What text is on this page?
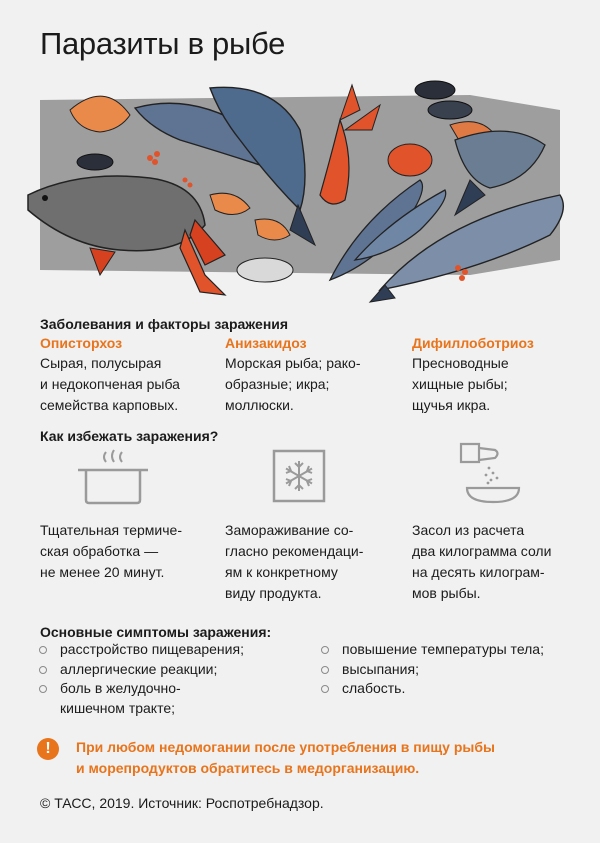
Паразиты в рыбе
Заболевания и факторы заражения
Описторхоз
Сырая, полусырая
и недокопченая рыба
семейства карповых.
Анизакидоз
Морская рыба; рако-
образные; икра;
моллюски.
Дифиллоботриоз
Пресноводные
хищные рыбы;
щучья икра.
Как избежать заражения?
Тщательная термиче-
ская обработка —
не менее 20 минут.
Замораживание со-
гласно рекомендаци-
ям к конкретному
виду продукта.
Засол из расчета
два килограмма соли
на десять килограм-
мов рыбы.
Основные симптомы заражения:
расстройство пищеварения;
аллергические реакции;
боль в желудочно-
кишечном тракте;
повышение температуры тела;
высыпания;
слабость.
!	При любом недомогании после употребления в пищу рыбы
и морепродуктов обратитесь в медорганизацию.
© ТАСС, 2019. Источник: Роспотребнадзор.
